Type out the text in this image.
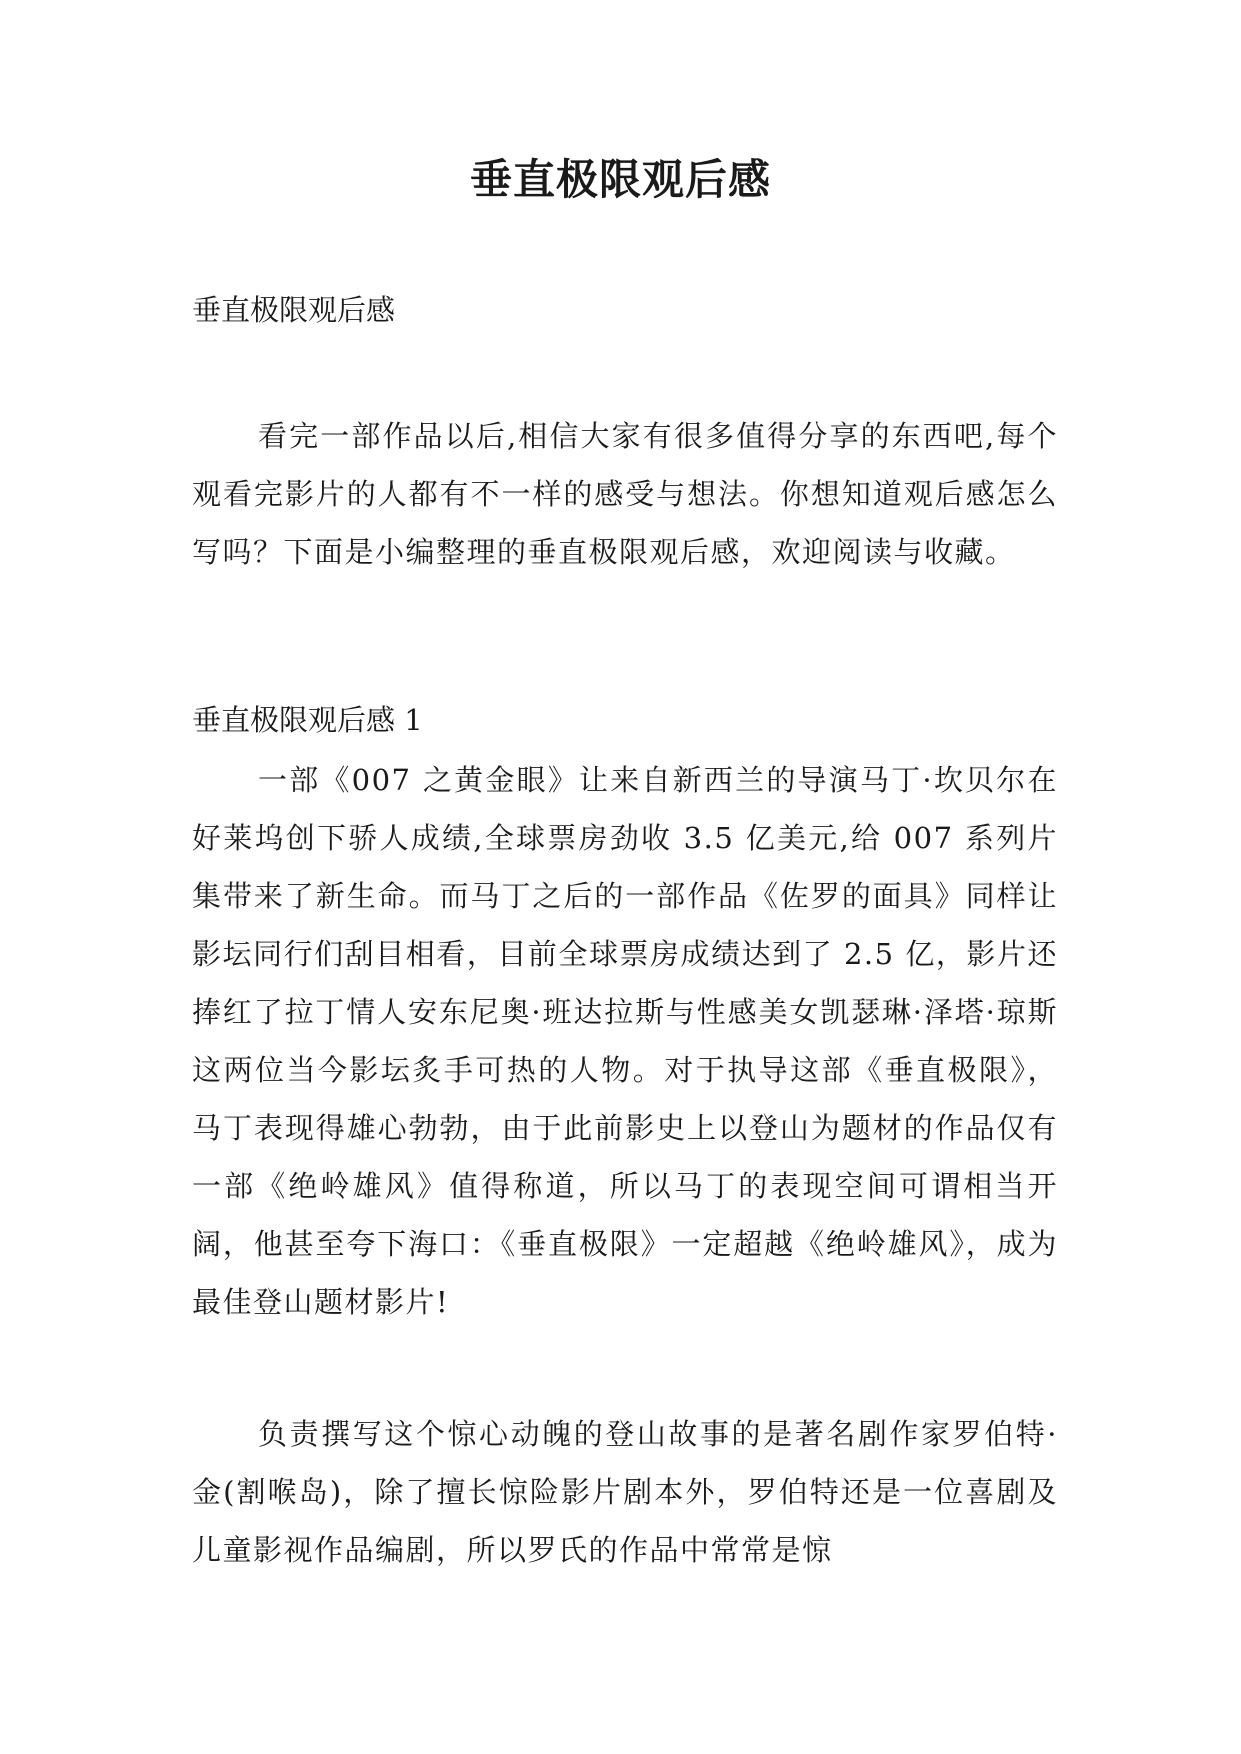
垂直极限观后感
垂直极限观后感

看完一部作品以后,相信大家有很多值得分享的东西吧,每个观看完影片的人都有不一样的感受与想法。你想知道观后感怎么写吗？下面是小编整理的垂直极限观后感，欢迎阅读与收藏。

垂直极限观后感 1

一部《007 之黄金眼》让来自新西兰的导演马丁·坎贝尔在好莱坞创下骄人成绩,全球票房劲收 3.5 亿美元,给 007 系列片集带来了新生命。而马丁之后的一部作品《佐罗的面具》同样让影坛同行们刮目相看，目前全球票房成绩达到了 2.5 亿，影片还捧红了拉丁情人安东尼奥·班达拉斯与性感美女凯瑟琳·泽塔·琼斯这两位当今影坛炙手可热的人物。对于执导这部《垂直极限》，马丁表现得雄心勃勃，由于此前影史上以登山为题材的作品仅有一部《绝岭雄风》值得称道，所以马丁的表现空间可谓相当开阔，他甚至夸下海口：《垂直极限》一定超越《绝岭雄风》，成为最佳登山题材影片!

负责撰写这个惊心动魄的登山故事的是著名剧作家罗伯特·金(割喉岛)，除了擅长惊险影片剧本外，罗伯特还是一位喜剧及儿童影视作品编剧，所以罗氏的作品中常常是惊
